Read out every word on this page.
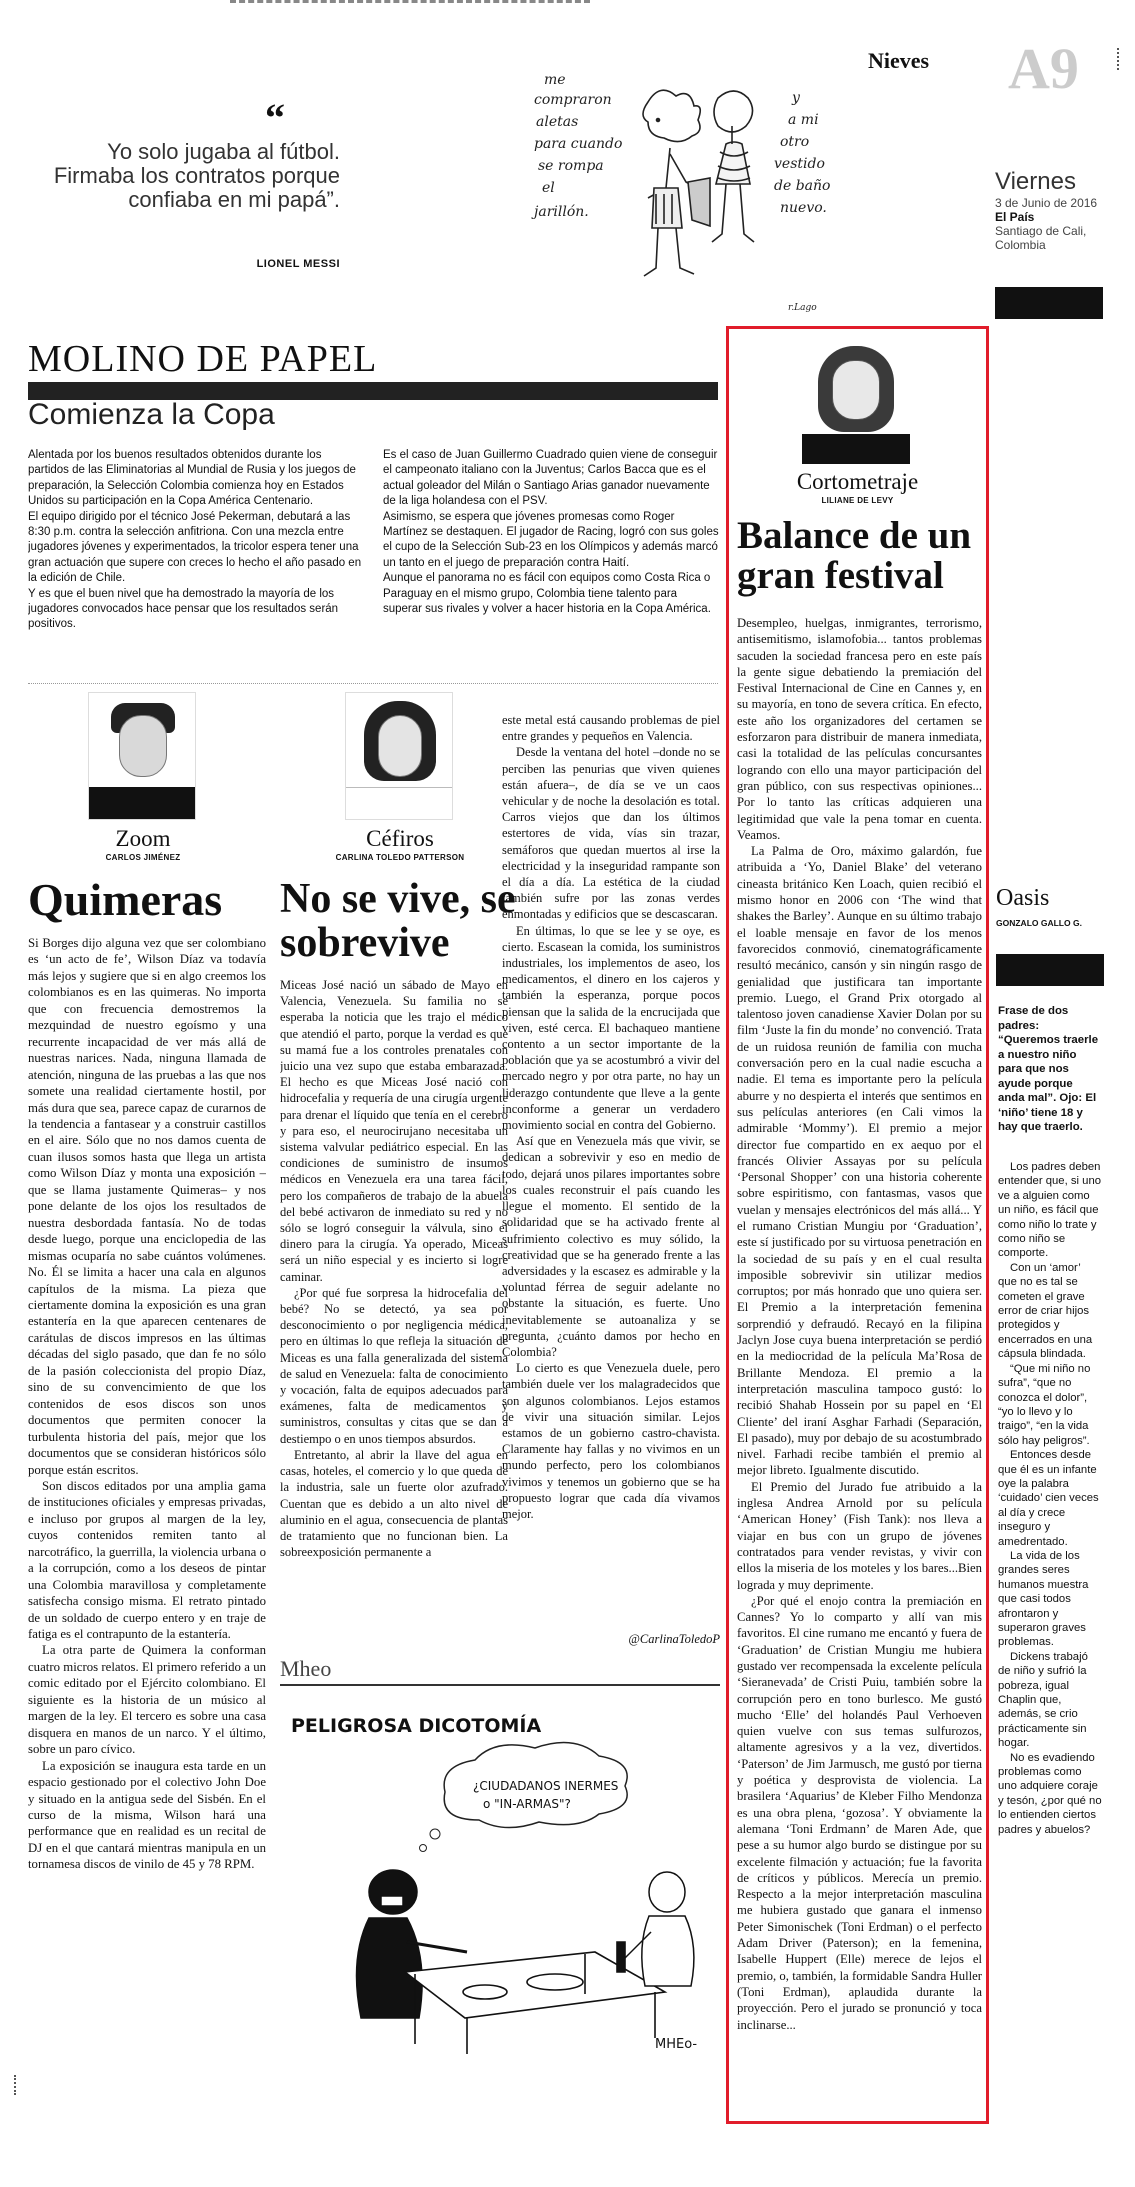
“
Yo solo jugaba al fútbol. Firmaba los contratos porque confiaba en mi papá”.
LIONEL MESSI
me compraron aletas para cuando se rompa el jarillón.
y a mi otro vestido de baño nuevo.
r.Lago
Nieves A9
Viernes
3 de Junio de 2016
El País
Santiago de Cali, Colombia
MOLINO DE PAPEL
Comienza la Copa

Alentada por los buenos resultados obtenidos durante los partidos de las Eliminatorias al Mundial de Rusia y los juegos de preparación, la Selección Colombia comienza hoy en Estados Unidos su participación en la Copa América Centenario.

El equipo dirigido por el técnico José Pekerman, debutará a las 8:30 p.m. contra la selección anfitriona. Con una mezcla entre jugadores jóvenes y experimentados, la tricolor espera tener una gran actuación que supere con creces lo hecho el año pasado en la edición de Chile.

Y es que el buen nivel que ha demostrado la mayoría de los jugadores convocados hace pensar que los resultados serán positivos.

Es el caso de Juan Guillermo Cuadrado quien viene de conseguir el campeonato italiano con la Juventus; Carlos Bacca que es el actual goleador del Milán o Santiago Arias ganador nuevamente de la liga holandesa con el PSV.

Asimismo, se espera que jóvenes promesas como Roger Martínez se destaquen. El jugador de Racing, logró con sus goles el cupo de la Selección Sub-23 en los Olímpicos y además marcó un tanto en el juego de preparación contra Haití.

Aunque el panorama no es fácil con equipos como Costa Rica o Paraguay en el mismo grupo, Colombia tiene talento para superar sus rivales y volver a hacer historia en la Copa América.

Zoom
CARLOS JIMÉNEZ
Quimeras

Si Borges dijo alguna vez que ser colombiano es ‘un acto de fe’, Wilson Díaz va todavía más lejos y sugiere que si en algo creemos los colombianos es en las quimeras. No importa que con frecuencia demostremos la mezquindad de nuestro egoísmo y una recurrente incapacidad de ver más allá de nuestras narices. Nada, ninguna llamada de atención, ninguna de las pruebas a las que nos somete una realidad ciertamente hostil, por más dura que sea, parece capaz de curarnos de la tendencia a fantasear y a construir castillos en el aire. Sólo que no nos damos cuenta de cuan ilusos somos hasta que llega un artista como Wilson Díaz y monta una exposición –que se llama justamente Quimeras– y nos pone delante de los ojos los resultados de nuestra desbordada fantasía. No de todas desde luego, porque una enciclopedia de las mismas ocuparía no sabe cuántos volúmenes. No. Él se limita a hacer una cala en algunos capítulos de la misma. La pieza que ciertamente domina la exposición es una gran estantería en la que aparecen centenares de carátulas de discos impresos en las últimas décadas del siglo pasado, que dan fe no sólo de la pasión coleccionista del propio Díaz, sino de su convencimiento de que los contenidos de esos discos son unos documentos que permiten conocer la turbulenta historia del país, mejor que los documentos que se consideran históricos sólo porque están escritos.

Son discos editados por una amplia gama de instituciones oficiales y empresas privadas, e incluso por grupos al margen de la ley, cuyos contenidos remiten tanto al narcotráfico, la guerrilla, la violencia urbana o a la corrupción, como a los deseos de pintar una Colombia maravillosa y completamente satisfecha consigo misma. El retrato pintado de un soldado de cuerpo entero y en traje de fatiga es el contrapunto de la estantería.

La otra parte de Quimera la conforman cuatro micros relatos. El primero referido a un comic editado por el Ejército colombiano. El siguiente es la historia de un músico al margen de la ley. El tercero es sobre una casa disquera en manos de un narco. Y el último, sobre un paro cívico.

La exposición se inaugura esta tarde en un espacio gestionado por el colectivo John Doe y situado en la antigua sede del Sisbén. En el curso de la misma, Wilson hará una performance que en realidad es un recital de DJ en el que cantará mientras manipula en un tornamesa discos de vinilo de 45 y 78 RPM.

Céfiros
CARLINA TOLEDO PATTERSON
No se vive, se sobrevive

Miceas José nació un sábado de Mayo en Valencia, Venezuela. Su familia no se esperaba la noticia que les trajo el médico que atendió el parto, porque la verdad es que su mamá fue a los controles prenatales con juicio una vez supo que estaba embarazada. El hecho es que Miceas José nació con hidrocefalia y requería de una cirugía urgente para drenar el líquido que tenía en el cerebro y para eso, el neurocirujano necesitaba un sistema valvular pediátrico especial. En las condiciones de suministro de insumos médicos en Venezuela era una tarea fácil, pero los compañeros de trabajo de la abuela del bebé activaron de inmediato su red y no sólo se logró conseguir la válvula, sino el dinero para la cirugía. Ya operado, Miceas será un niño especial y es incierto si logre caminar.

¿Por qué fue sorpresa la hidrocefalia del bebé? No se detectó, ya sea por desconocimiento o por negligencia médica, pero en últimas lo que refleja la situación de Miceas es una falla generalizada del sistema de salud en Venezuela: falta de conocimiento y vocación, falta de equipos adecuados para exámenes, falta de medicamentos y suministros, consultas y citas que se dan a destiempo o en unos tiempos absurdos.

Entretanto, al abrir la llave del agua en casas, hoteles, el comercio y lo que queda de la industria, sale un fuerte olor azufrado. Cuentan que es debido a un alto nivel de aluminio en el agua, consecuencia de plantas de tratamiento que no funcionan bien. La sobreexposición permanente a

este metal está causando problemas de piel entre grandes y pequeños en Valencia.

Desde la ventana del hotel –donde no se perciben las penurias que viven quienes están afuera–, de día se ve un caos vehicular y de noche la desolación es total. Carros viejos que dan los últimos estertores de vida, vías sin trazar, semáforos que quedan muertos al irse la electricidad y la inseguridad rampante son el día a día. La estética de la ciudad también sufre por las zonas verdes enmontadas y edificios que se descascaran.

En últimas, lo que se lee y se oye, es cierto. Escasean la comida, los suministros industriales, los implementos de aseo, los medicamentos, el dinero en los cajeros y también la esperanza, porque pocos piensan que la salida de la encrucijada que viven, esté cerca. El bachaqueo mantiene contento a un sector importante de la población que ya se acostumbró a vivir del mercado negro y por otra parte, no hay un liderazgo contundente que lleve a la gente inconforme a generar un verdadero movimiento social en contra del Gobierno.

Así que en Venezuela más que vivir, se dedican a sobrevivir y eso en medio de todo, dejará unos pilares importantes sobre los cuales reconstruir el país cuando les llegue el momento. El sentido de la solidaridad que se ha activado frente al sufrimiento colectivo es muy sólido, la creatividad que se ha generado frente a las adversidades y la escasez es admirable y la voluntad férrea de seguir adelante no obstante la situación, es fuerte. Uno inevitablemente se autoanaliza y se pregunta, ¿cuánto damos por hecho en Colombia?

Lo cierto es que Venezuela duele, pero también duele ver los malagradecidos que son algunos colombianos. Lejos estamos de vivir una situación similar. Lejos estamos de un gobierno castro-chavista. Claramente hay fallas y no vivimos en un mundo perfecto, pero los colombianos vivimos y tenemos un gobierno que se ha propuesto lograr que cada día vivamos mejor.

@CarlinaToledoP
Mheo
PELIGROSA DICOTOMÍA
¿CIUDADANOS INERMES
o "IN-ARMAS"?
MHEo-
Cortometraje
LILIANE DE LEVY
Balance de un gran festival

Desempleo, huelgas, inmigrantes, terrorismo, antisemitismo, islamofobia... tantos problemas sacuden la sociedad francesa pero en este país la gente sigue debatiendo la premiación del Festival Internacional de Cine en Cannes y, en su mayoría, en tono de severa crítica. En efecto, este año los organizadores del certamen se esforzaron para distribuir de manera inmediata, casi la totalidad de las películas concursantes logrando con ello una mayor participación del gran público, con sus respectivas opiniones... Por lo tanto las críticas adquieren una legitimidad que vale la pena tomar en cuenta. Veamos.

La Palma de Oro, máximo galardón, fue atribuida a ‘Yo, Daniel Blake’ del veterano cineasta británico Ken Loach, quien recibió el mismo honor en 2006 con ‘The wind that shakes the Barley’. Aunque en su último trabajo el loable mensaje en favor de los menos favorecidos conmovió, cinematográficamente resultó mecánico, cansón y sin ningún rasgo de genialidad que justificara tan importante premio. Luego, el Grand Prix otorgado al talentoso joven canadiense Xavier Dolan por su film ‘Juste la fin du monde’ no convenció. Trata de un ruidosa reunión de familia con mucha conversación pero en la cual nadie escucha a nadie. El tema es importante pero la película aburre y no despierta el interés que sentimos en sus películas anteriores (en Cali vimos la admirable ‘Mommy’). El premio a mejor director fue compartido en ex aequo por el francés Olivier Assayas por su película ‘Personal Shopper’ con una historia coherente sobre espiritismo, con fantasmas, vasos que vuelan y mensajes electrónicos del más allá... Y el rumano Cristian Mungiu por ‘Graduation’, este sí justificado por su virtuosa penetración en la sociedad de su país y en el cual resulta imposible sobrevivir sin utilizar medios corruptos; por más honrado que uno quiera ser. El Premio a la interpretación femenina sorprendió y defraudó. Recayó en la filipina Jaclyn Jose cuya buena interpretación se perdió en la mediocridad de la película Ma’Rosa de Brillante Mendoza. El premio a la interpretación masculina tampoco gustó: lo recibió Shahab Hossein por su papel en ‘El Cliente’ del iraní Asghar Farhadi (Separación, El pasado), muy por debajo de su acostumbrado nivel. Farhadi recibe también el premio al mejor libreto. Igualmente discutido.

El Premio del Jurado fue atribuido a la inglesa Andrea Arnold por su película ‘American Honey’ (Fish Tank): nos lleva a viajar en bus con un grupo de jóvenes contratados para vender revistas, y vivir con ellos la miseria de los moteles y los bares...Bien lograda y muy deprimente.

¿Por qué el enojo contra la premiación en Cannes? Yo lo comparto y allí van mis favoritos. El cine rumano me encantó y fuera de ‘Graduation’ de Cristian Mungiu me hubiera gustado ver recompensada la excelente película ‘Sieranevada’ de Cristi Puiu, también sobre la corrupción pero en tono burlesco. Me gustó mucho ‘Elle’ del holandés Paul Verhoeven quien vuelve con sus temas sulfurozos, altamente agresivos y a la vez, divertidos. ‘Paterson’ de Jim Jarmusch, me gustó por tierna y poética y desprovista de violencia. La brasilera ‘Aquarius’ de Kleber Filho Mendonza es una obra plena, ‘gozosa’. Y obviamente la alemana ‘Toni Erdmann’ de Maren Ade, que pese a su humor algo burdo se distingue por su excelente filmación y actuación; fue la favorita de críticos y públicos. Merecía un premio. Respecto a la mejor interpretación masculina me hubiera gustado que ganara el inmenso Peter Simonischek (Toni Erdman) o el perfecto Adam Driver (Paterson); en la femenina, Isabelle Huppert (Elle) merece de lejos el premio, o, también, la formidable Sandra Huller (Toni Erdman), aplaudida durante la proyección. Pero el jurado se pronunció y toca inclinarse...

Oasis
GONZALO GALLO G.
Frase de dos padres: “Queremos traerle a nuestro niño para que nos ayude porque anda mal”. Ojo: El ‘niño’ tiene 18 y hay que traerlo.

Los padres deben entender que, si uno ve a alguien como un niño, es fácil que como niño lo trate y como niño se comporte.

Con un ‘amor’ que no es tal se cometen el grave error de criar hijos protegidos y encerrados en una cápsula blindada.

“Que mi niño no sufra”, “que no conozca el dolor”, “yo lo llevo y lo traigo”, “en la vida sólo hay peligros”.

Entonces desde que él es un infante oye la palabra ‘cuidado’ cien veces al día y crece inseguro y amedrentado.

La vida de los grandes seres humanos muestra que casi todos afrontaron y superaron graves problemas.

Dickens trabajó de niño y sufrió la pobreza, igual Chaplin que, además, se crio prácticamente sin hogar.

No es evadiendo problemas como uno adquiere coraje y tesón, ¿por qué no lo entienden ciertos padres y abuelos?
